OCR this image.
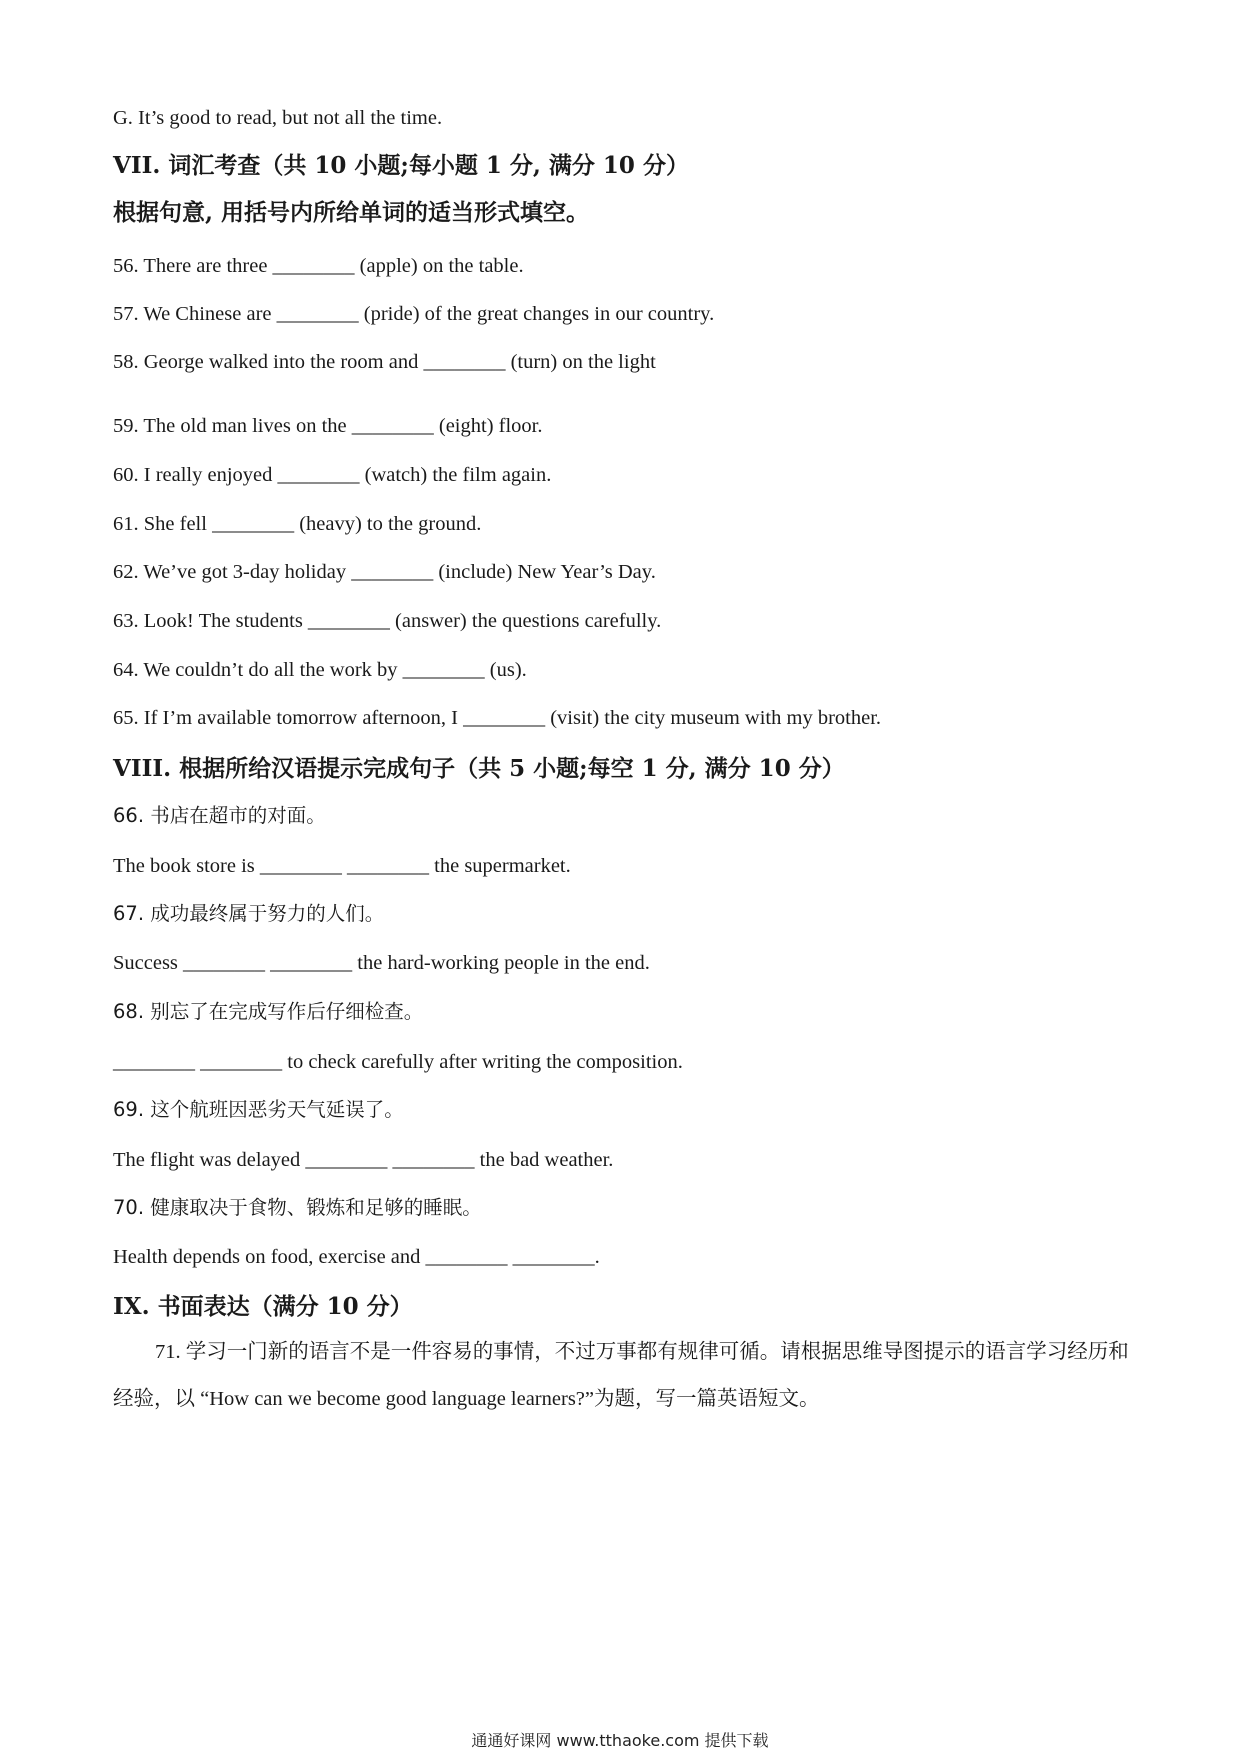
G. It’s good to read, but not all the time.
VII. 词汇考查（共 10 小题;每小题 1 分, 满分 10 分）
根据句意, 用括号内所给单词的适当形式填空。
56. There are three ________ (apple) on the table.
57. We Chinese are ________ (pride) of the great changes in our country.
58. George walked into the room and ________ (turn) on the light
59. The old man lives on the ________ (eight) floor.
60. I really enjoyed ________ (watch) the film again.
61. She fell ________ (heavy) to the ground.
62. We’ve got 3-day holiday ________ (include) New Year’s Day.
63. Look! The students ________ (answer) the questions carefully.
64. We couldn’t do all the work by ________ (us).
65. If I’m available tomorrow afternoon, I ________ (visit) the city museum with my brother.
VIII. 根据所给汉语提示完成句子（共 5 小题;每空 1 分, 满分 10 分）
66. 书店在超市的对面。
The book store is ________ ________ the supermarket.
67. 成功最终属于努力的人们。
Success ________ ________ the hard-working people in the end.
68. 别忘了在完成写作后仔细检查。
________ ________ to check carefully after writing the composition.
69. 这个航班因恶劣天气延误了。
The flight was delayed ________ ________ the bad weather.
70. 健康取决于食物、锻炼和足够的睡眠。
Health depends on food, exercise and ________ ________.
IX. 书面表达（满分 10 分）
71. 学习一门新的语言不是一件容易的事情，不过万事都有规律可循。请根据思维导图提示的语言学习经历和经验，以 “How can we become good language learners?”为题，写一篇英语短文。
通通好课网 www.tthaoke.com 提供下载
